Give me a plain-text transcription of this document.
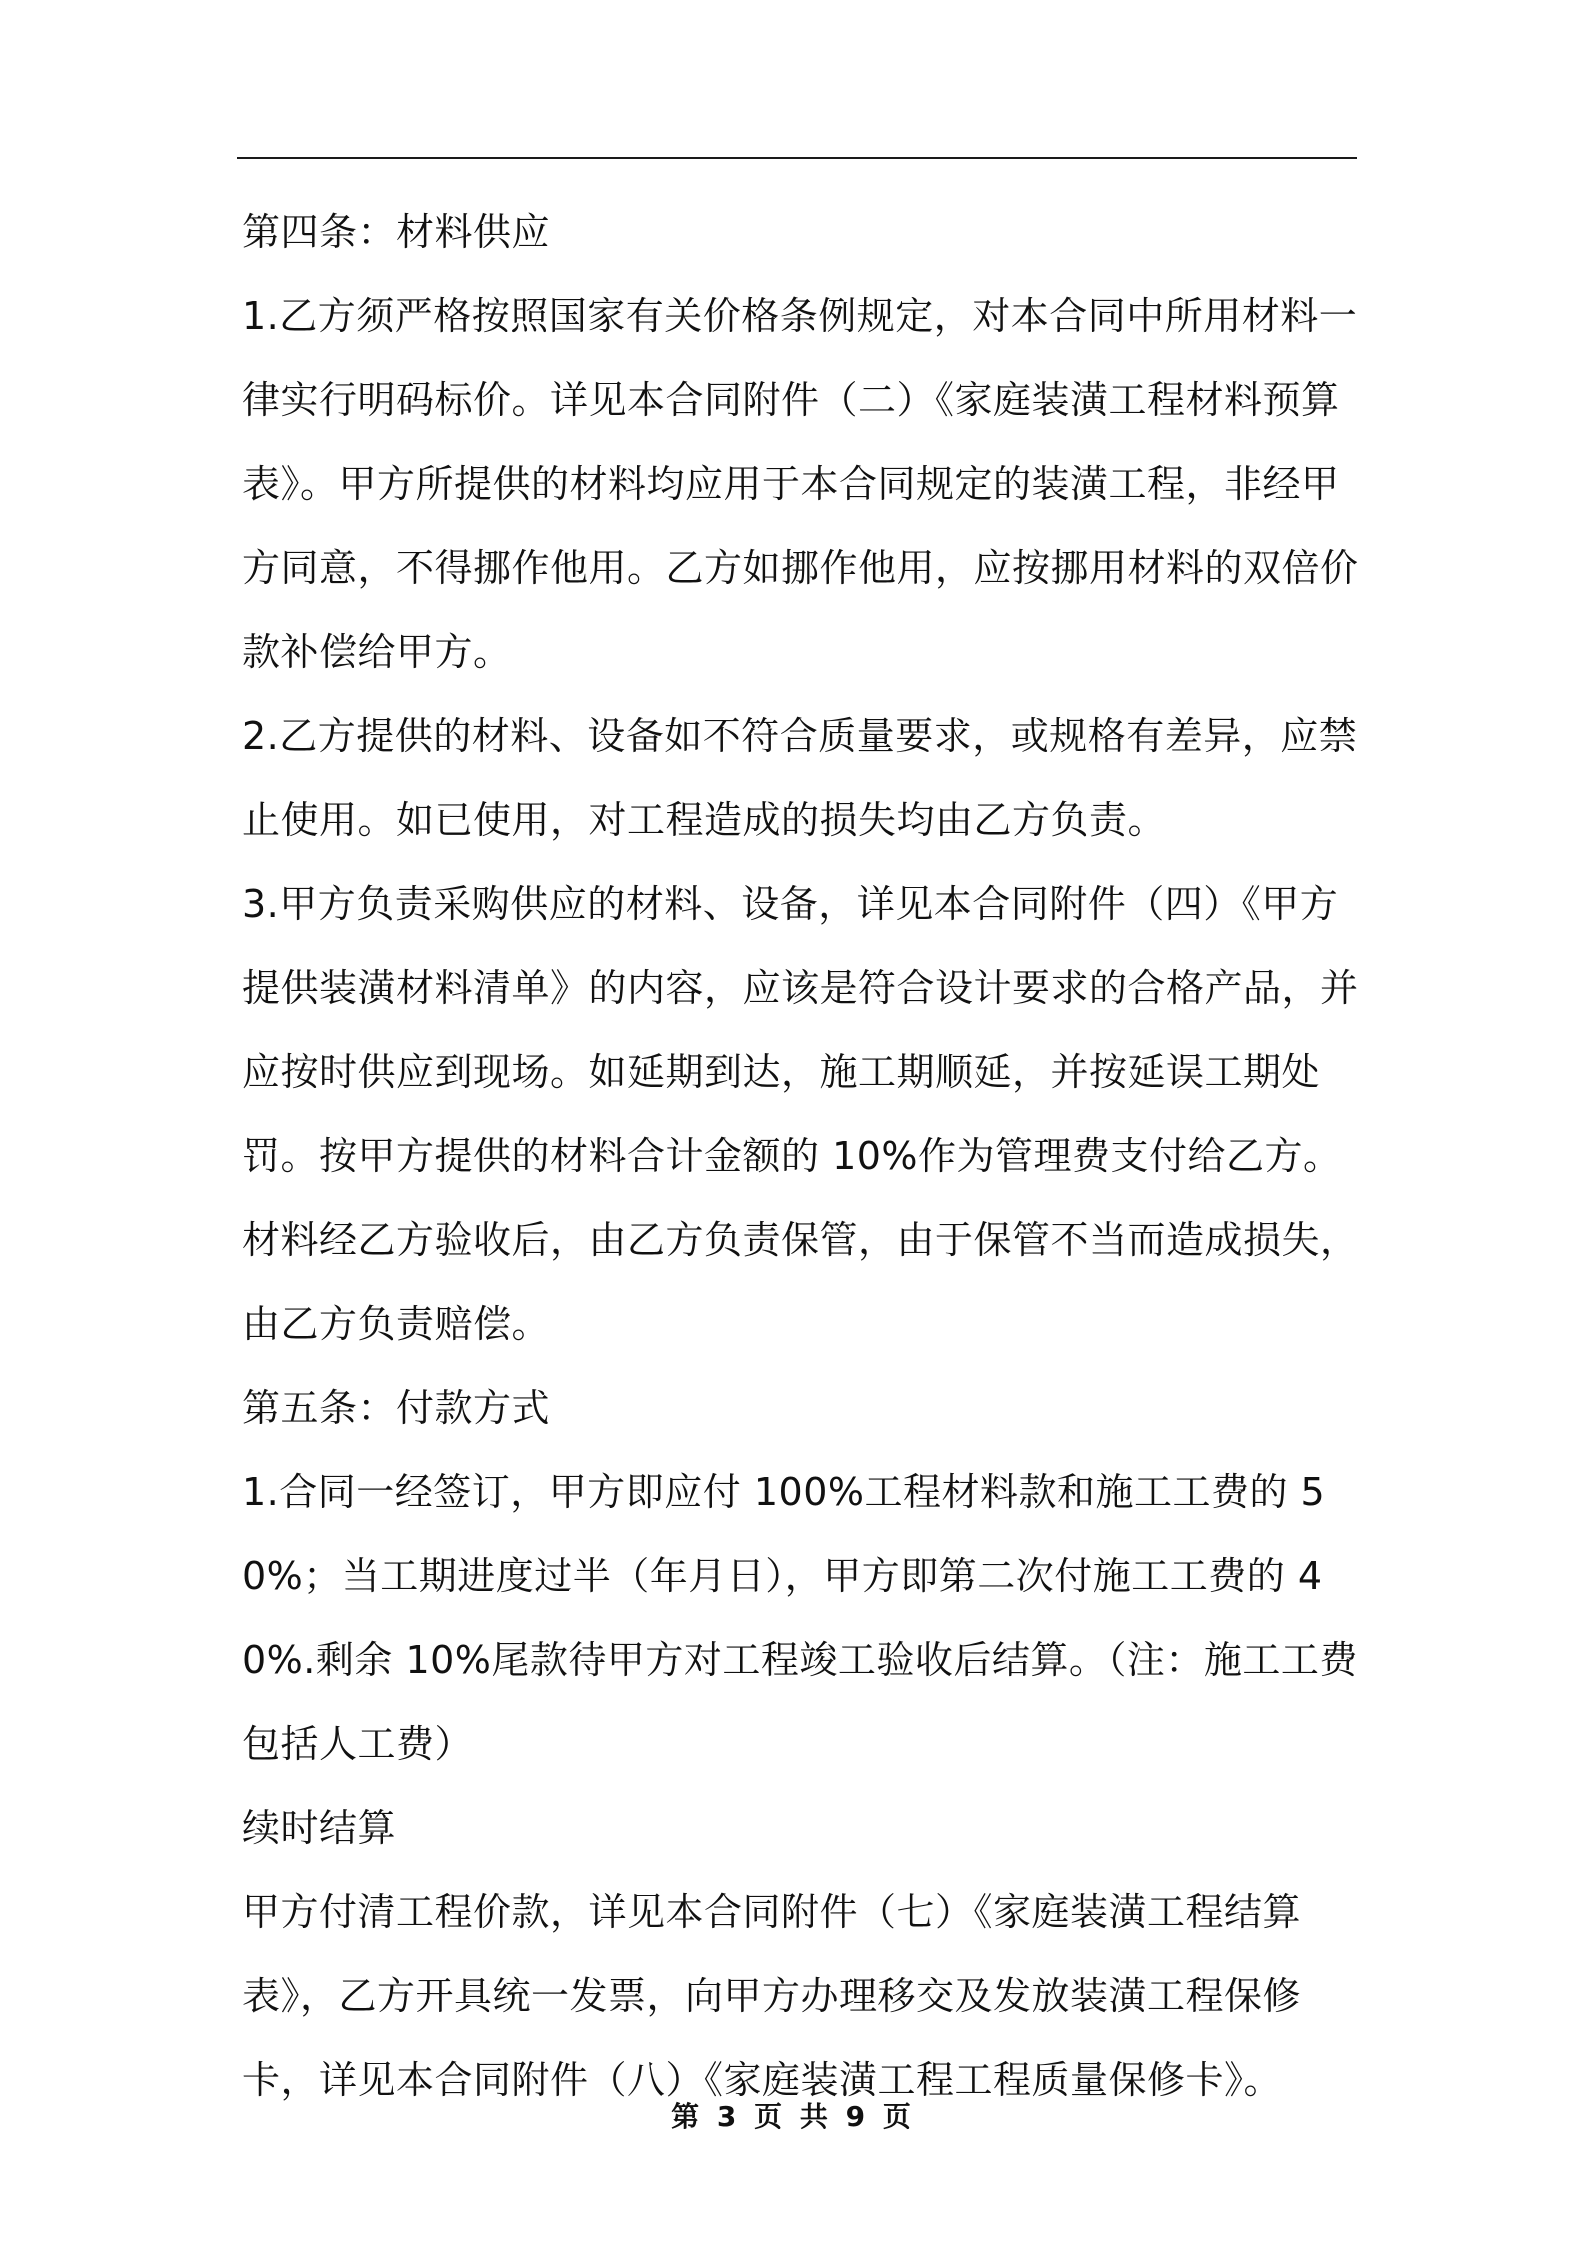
第四条：材料供应

1.乙方须严格按照国家有关价格条例规定，对本合同中所用材料一律实行明码标价。详见本合同附件（二）《家庭装潢工程材料预算表》。甲方所提供的材料均应用于本合同规定的装潢工程，非经甲方同意，不得挪作他用。乙方如挪作他用，应按挪用材料的双倍价款补偿给甲方。

2.乙方提供的材料、设备如不符合质量要求，或规格有差异，应禁止使用。如已使用，对工程造成的损失均由乙方负责。

3.甲方负责采购供应的材料、设备，详见本合同附件（四）《甲方提供装潢材料清单》的内容，应该是符合设计要求的合格产品，并应按时供应到现场。如延期到达，施工期顺延，并按延误工期处罚。按甲方提供的材料合计金额的 10%作为管理费支付给乙方。材料经乙方验收后，由乙方负责保管，由于保管不当而造成损失，由乙方负责赔偿。

第五条：付款方式

1.合同一经签订，甲方即应付 100%工程材料款和施工工费的 50%；当工期进度过半（年月日），甲方即第二次付施工工费的 40%.剩余 10%尾款待甲方对工程竣工验收后结算。（注：施工工费包括人工费）

续时结算

甲方付清工程价款，详见本合同附件（七）《家庭装潢工程结算表》，乙方开具统一发票，向甲方办理移交及发放装潢工程保修卡，详见本合同附件（八）《家庭装潢工程工程质量保修卡》。

第 3 页 共 9 页
